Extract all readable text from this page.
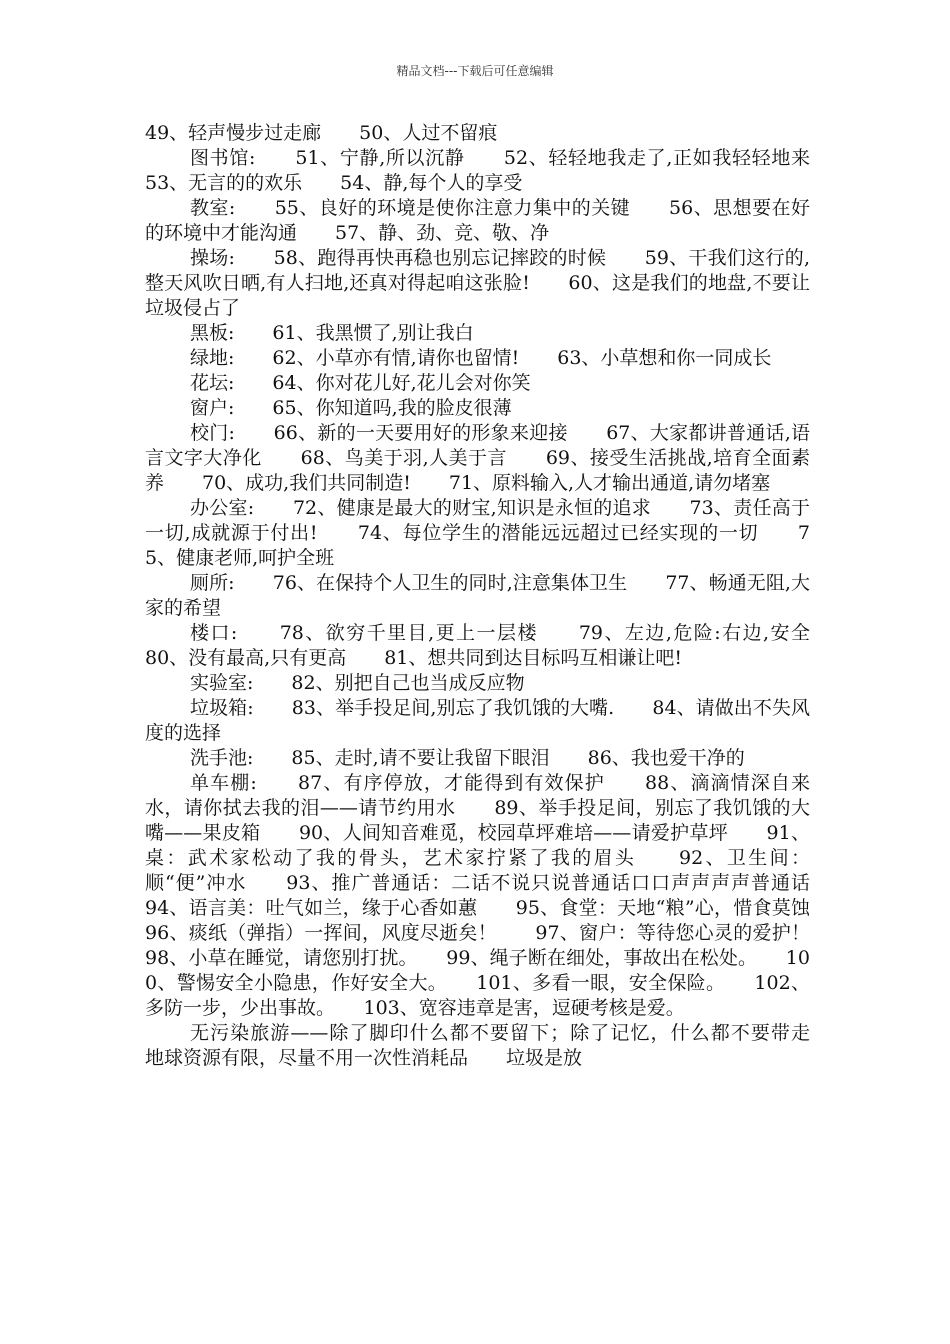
精品文档---下载后可任意编辑

49、轻声慢步过走廊　　50、人过不留痕

图书馆:　　51、宁静,所以沉静　　52、轻轻地我走了,正如我轻轻地来　　53、无言的的欢乐　　54、静,每个人的享受

教室:　　55、良好的环境是使你注意力集中的关键　　56、思想要在好的环境中才能沟通　　57、静、劲、竞、敬、净

操场:　　58、跑得再快再稳也别忘记摔跤的时候　　59、干我们这行的,整天风吹日晒,有人扫地,还真对得起咱这张脸!　　60、这是我们的地盘,不要让垃圾侵占了

黑板:　　61、我黑惯了,别让我白

绿地:　　62、小草亦有情,请你也留情!　　63、小草想和你一同成长

花坛:　　64、你对花儿好,花儿会对你笑

窗户:　　65、你知道吗,我的脸皮很薄

校门:　　66、新的一天要用好的形象来迎接　　67、大家都讲普通话,语言文字大净化　　68、鸟美于羽,人美于言　　69、接受生活挑战,培育全面素养　　70、成功,我们共同制造!　　71、原料输入,人才输出通道,请勿堵塞

办公室:　　72、健康是最大的财宝,知识是永恒的追求　　73、责任高于一切,成就源于付出!　　74、每位学生的潜能远远超过已经实现的一切　　75、健康老师,呵护全班

厕所:　　76、在保持个人卫生的同时,注意集体卫生　　77、畅通无阻,大家的希望

楼口:　　78、欲穷千里目,更上一层楼　　79、左边,危险:右边,安全　　80、没有最高,只有更高　　81、想共同到达目标吗互相谦让吧!

实验室:　　82、别把自己也当成反应物

垃圾箱:　　83、举手投足间,别忘了我饥饿的大嘴.　　84、请做出不失风度的选择

洗手池:　　85、走时,请不要让我留下眼泪　　86、我也爱干净的

单车棚:　　87、有序停放，才能得到有效保护　　88、滴滴情深自来水，请你拭去我的泪——请节约用水　　89、举手投足间，别忘了我饥饿的大嘴——果皮箱　　90、人间知音难觅，校园草坪难培——请爱护草坪　　91、桌：武术家松动了我的骨头，艺术家拧紧了我的眉头　　92、卫生间：顺“便”冲水　　93、推广普通话：二话不说只说普通话口口声声声声普通话　　94、语言美：吐气如兰，缘于心香如蕙　　95、食堂：天地“粮”心，惜食莫蚀　　96、痰纸（弹指）一挥间，风度尽逝矣！　　97、窗户：等待您心灵的爱护！　　98、小草在睡觉，请您别打扰。　　99、绳子断在细处，事故出在松处。　　100、警惕安全小隐患，作好安全大。　　101、多看一眼，安全保险。　　102、多防一步，少出事故。　　103、宽容违章是害，逗硬考核是爱。

无污染旅游——除了脚印什么都不要留下；除了记忆，什么都不要带走　　地球资源有限，尽量不用一次性消耗品　　垃圾是放
